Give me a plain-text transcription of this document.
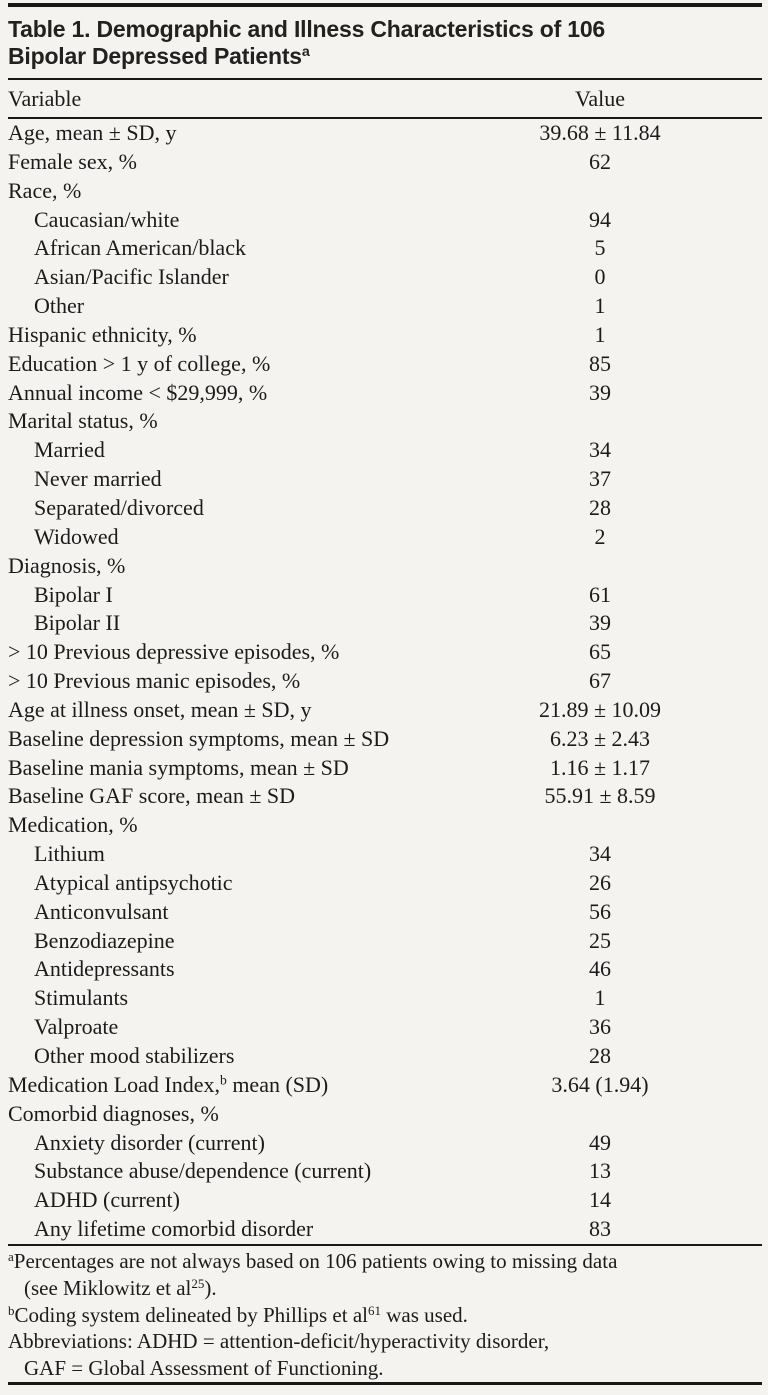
Table 1. Demographic and Illness Characteristics of 106
Bipolar Depressed Patients$^a$
Variable	Value
Age, mean ± SD, y	39.68 ± 11.84
Female sex, %	62
Race, %
Caucasian/white	94
African American/black	5
Asian/Pacific Islander	0
Other	1
Hispanic ethnicity, %	1
Education > 1 y of college, %	85
Annual income < $29,999, %	39
Marital status, %
Married	34
Never married	37
Separated/divorced	28
Widowed	2
Diagnosis, %
Bipolar I	61
Bipolar II	39
> 10 Previous depressive episodes, %	65
> 10 Previous manic episodes, %	67
Age at illness onset, mean ± SD, y	21.89 ± 10.09
Baseline depression symptoms, mean ± SD	6.23 ± 2.43
Baseline mania symptoms, mean ± SD	1.16 ± 1.17
Baseline GAF score, mean ± SD	55.91 ± 8.59
Medication, %
Lithium	34
Atypical antipsychotic	26
Anticonvulsant	56
Benzodiazepine	25
Antidepressants	46
Stimulants	1
Valproate	36
Other mood stabilizers	28
Medication Load Index,$^b$ mean (SD)	3.64 (1.94)
Comorbid diagnoses, %
Anxiety disorder (current)	49
Substance abuse/dependence (current)	13
ADHD (current)	14
Any lifetime comorbid disorder	83
$^a$Percentages are not always based on 106 patients owing to missing data
(see Miklowitz et $al^{25}$).
$^b$Coding system delineated by Phillips et $al^{61}$ was used.
Abbreviations: ADHD = attention-deficit/hyperactivity disorder,
GAF = Global Assessment of Functioning.
